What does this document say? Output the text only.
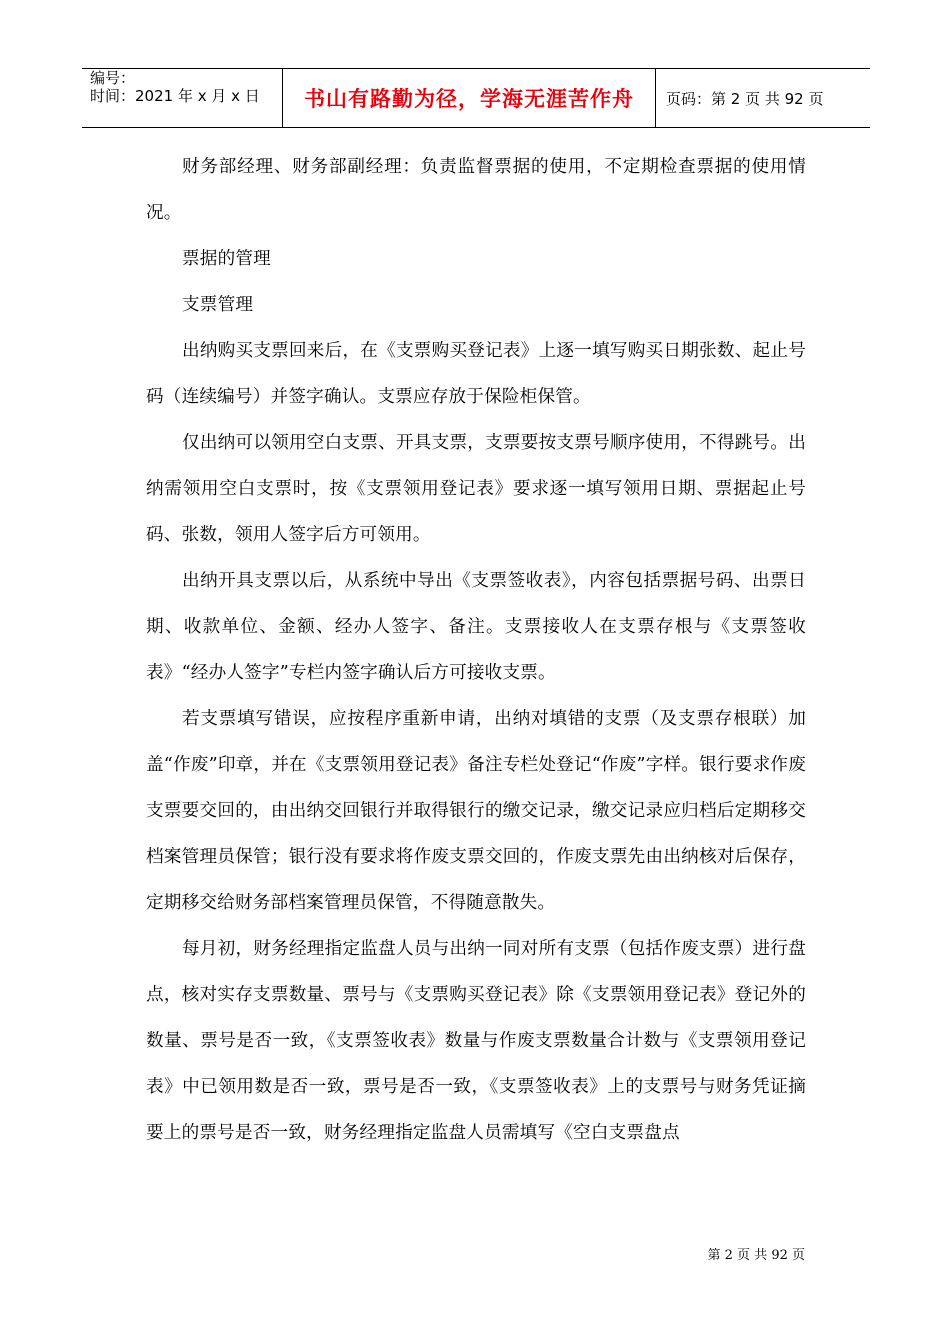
编号：
时间：2021 年 x 月 x 日 书山有路勤为径，学海无涯苦作舟 页码：第 2 页 共 92 页

财务部经理、财务部副经理：负责监督票据的使用，不定期检查票据的使用情况。

票据的管理

支票管理

出纳购买支票回来后，在《支票购买登记表》上逐一填写购买日期张数、起止号码（连续编号）并签字确认。支票应存放于保险柜保管。

仅出纳可以领用空白支票、开具支票，支票要按支票号顺序使用，不得跳号。出纳需领用空白支票时，按《支票领用登记表》要求逐一填写领用日期、票据起止号码、张数，领用人签字后方可领用。

出纳开具支票以后，从系统中导出《支票签收表》，内容包括票据号码、出票日期、收款单位、金额、经办人签字、备注。支票接收人在支票存根与《支票签收表》“经办人签字”专栏内签字确认后方可接收支票。

若支票填写错误，应按程序重新申请，出纳对填错的支票（及支票存根联）加盖“作废”印章，并在《支票领用登记表》备注专栏处登记“作废”字样。银行要求作废支票要交回的，由出纳交回银行并取得银行的缴交记录，缴交记录应归档后定期移交档案管理员保管；银行没有要求将作废支票交回的，作废支票先由出纳核对后保存，定期移交给财务部档案管理员保管，不得随意散失。

每月初，财务经理指定监盘人员与出纳一同对所有支票（包括作废支票）进行盘点，核对实存支票数量、票号与《支票购买登记表》除《支票领用登记表》登记外的数量、票号是否一致，《支票签收表》数量与作废支票数量合计数与《支票领用登记表》中已领用数是否一致，票号是否一致，《支票签收表》上的支票号与财务凭证摘要上的票号是否一致，财务经理指定监盘人员需填写《空白支票盘点

第 2 页 共 92 页
